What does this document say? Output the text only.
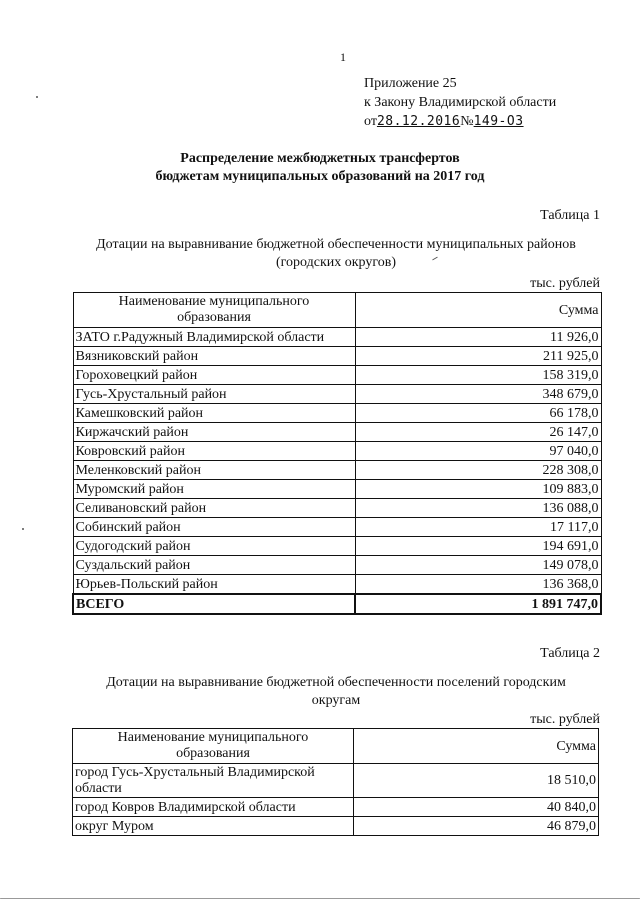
1
Приложение 25
к Закону Владимирской области
от28.12.2016№149-ОЗ
Распределение межбюджетных трансфертов
бюджетам муниципальных образований на 2017 год
Таблица 1
Дотации на выравнивание бюджетной обеспеченности муниципальных районов
(городских округов)
тыс. рублей
Наименование муниципального
образования	Сумма
ЗАТО г.Радужный Владимирской области	11 926,0
Вязниковский район	211 925,0
Гороховецкий район	158 319,0
Гусь-Хрустальный район	348 679,0
Камешковский район	66 178,0
Киржачский район	26 147,0
Ковровский район	97 040,0
Меленковский район	228 308,0
Муромский район	109 883,0
Селивановский район	136 088,0
Собинский район	17 117,0
Судогодский район	194 691,0
Суздальский район	149 078,0
Юрьев-Польский район	136 368,0
ВСЕГО	1 891 747,0
Таблица 2
Дотации на выравнивание бюджетной обеспеченности поселений городским
округам
тыс. рублей
Наименование муниципального
образования	Сумма

город Гусь-Хрустальный Владимирской
области	18 510,0
город Ковров Владимирской области	40 840,0
округ Муром	46 879,0
